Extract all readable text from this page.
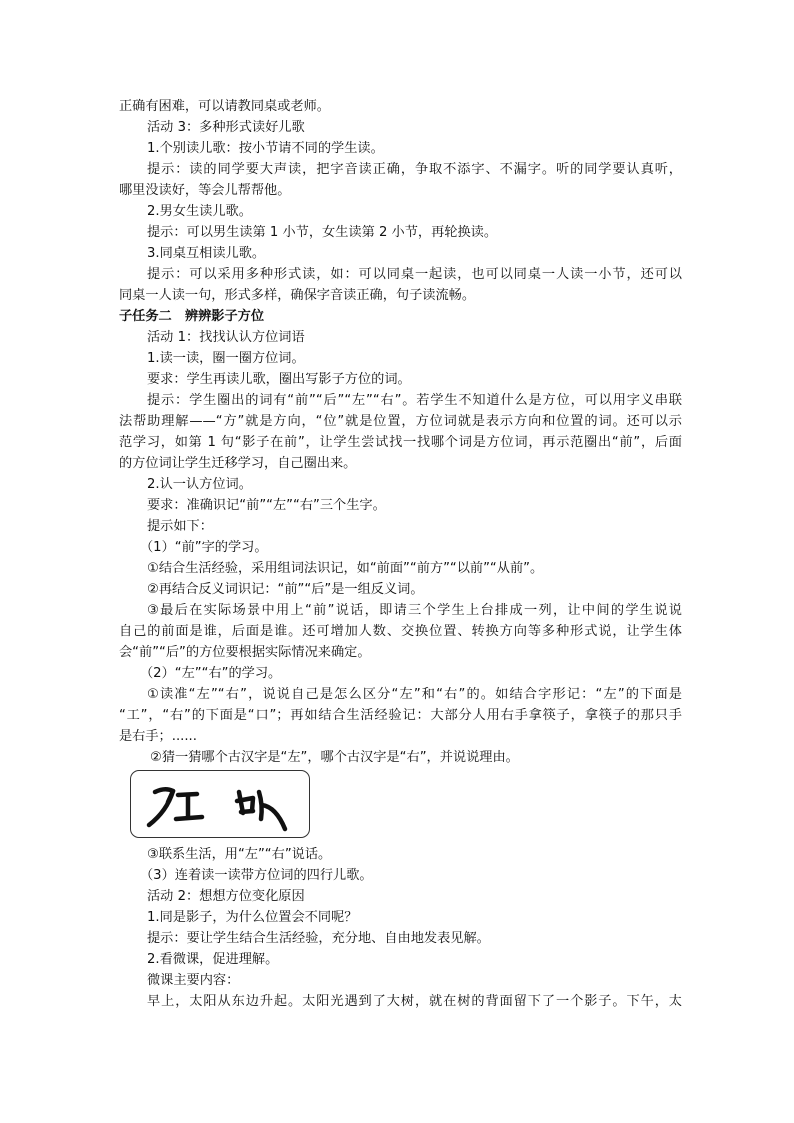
正确有困难，可以请教同桌或老师。
活动 3：多种形式读好儿歌
1.个别读儿歌：按小节请不同的学生读。
提示：读的同学要大声读，把字音读正确，争取不添字、不漏字。听的同学要认真听，
哪里没读好，等会儿帮帮他。
2.男女生读儿歌。
提示：可以男生读第 1 小节，女生读第 2 小节，再轮换读。
3.同桌互相读儿歌。
提示：可以采用多种形式读，如：可以同桌一起读，也可以同桌一人读一小节，还可以
同桌一人读一句，形式多样，确保字音读正确，句子读流畅。
子任务二　辨辨影子方位
活动 1：找找认认方位词语
1.读一读，圈一圈方位词。
要求：学生再读儿歌，圈出写影子方位的词。
提示：学生圈出的词有“前”“后”“左”“右”。若学生不知道什么是方位，可以用字义串联
法帮助理解——“方”就是方向，“位”就是位置，方位词就是表示方向和位置的词。还可以示
范学习，如第 1 句“影子在前”，让学生尝试找一找哪个词是方位词，再示范圈出“前”，后面
的方位词让学生迁移学习，自己圈出来。
2.认一认方位词。
要求：准确识记“前”“左”“右”三个生字。
提示如下：
（1）“前”字的学习。
①结合生活经验，采用组词法识记，如“前面”“前方”“以前”“从前”。
②再结合反义词识记：“前”“后”是一组反义词。
③最后在实际场景中用上“前”说话，即请三个学生上台排成一列，让中间的学生说说
自己的前面是谁，后面是谁。还可增加人数、交换位置、转换方向等多种形式说，让学生体
会“前”“后”的方位要根据实际情况来确定。
（2）“左”“右”的学习。
①读准“左”“右”，说说自己是怎么区分“左”和“右”的。如结合字形记：“左”的下面是
“工”，“右”的下面是“口”；再如结合生活经验记：大部分人用右手拿筷子，拿筷子的那只手
是右手；......
②猜一猜哪个古汉字是“左”，哪个古汉字是“右”，并说说理由。
③联系生活，用“左”“右”说话。
（3）连着读一读带方位词的四行儿歌。
活动 2：想想方位变化原因
1.同是影子，为什么位置会不同呢？
提示：要让学生结合生活经验，充分地、自由地发表见解。
2.看微课，促进理解。
微课主要内容：
早上，太阳从东边升起。太阳光遇到了大树，就在树的背面留下了一个影子。下午，太
